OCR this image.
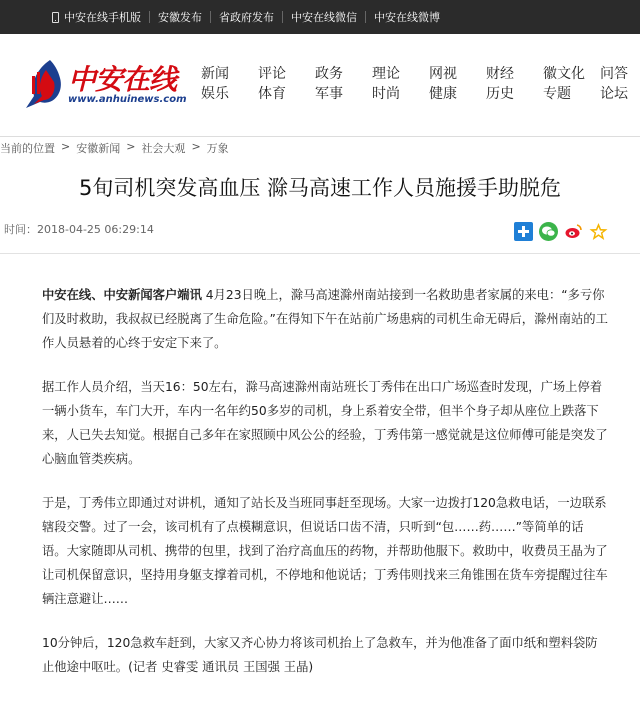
中安在线手机版 安徽发布 省政府发布 中安在线微信 中安在线微博
中安在线
www.anhuinews.com
新闻
娱乐
评论
体育
政务
军事
理论
时尚
网视
健康
财经
历史
徽文化
专题
问答
论坛
当前的位置 > 安徽新闻 > 社会大观 > 万象
5旬司机突发高血压 滁马高速工作人员施援手助脱危
时间：2018-04-25 06:29:14

中安在线、中安新闻客户端讯 4月23日晚上，滁马高速滁州南站接到一名救助患者家属的来电：“多亏你们及时救助，我叔叔已经脱离了生命危险。”在得知下午在站前广场患病的司机生命无碍后，滁州南站的工作人员悬着的心终于安定下来了。

据工作人员介绍，当天16：50左右，滁马高速滁州南站班长丁秀伟在出口广场巡查时发现，广场上停着一辆小货车，车门大开，车内一名年约50多岁的司机，身上系着安全带，但半个身子却从座位上跌落下来，人已失去知觉。根据自己多年在家照顾中风公公的经验，丁秀伟第一感觉就是这位师傅可能是突发了心脑血管类疾病。

于是，丁秀伟立即通过对讲机，通知了站长及当班同事赶至现场。大家一边拨打120急救电话，一边联系辖段交警。过了一会，该司机有了点模糊意识，但说话口齿不清，只听到“包……药……”等简单的话语。大家随即从司机、携带的包里，找到了治疗高血压的药物，并帮助他服下。救助中，收费员王晶为了让司机保留意识，坚持用身躯支撑着司机，不停地和他说话；丁秀伟则找来三角锥围在货车旁提醒过往车辆注意避让……

10分钟后，120急救车赶到，大家又齐心协力将该司机抬上了急救车，并为他准备了面巾纸和塑料袋防止他途中呕吐。(记者 史睿雯 通讯员 王国强 王晶)
